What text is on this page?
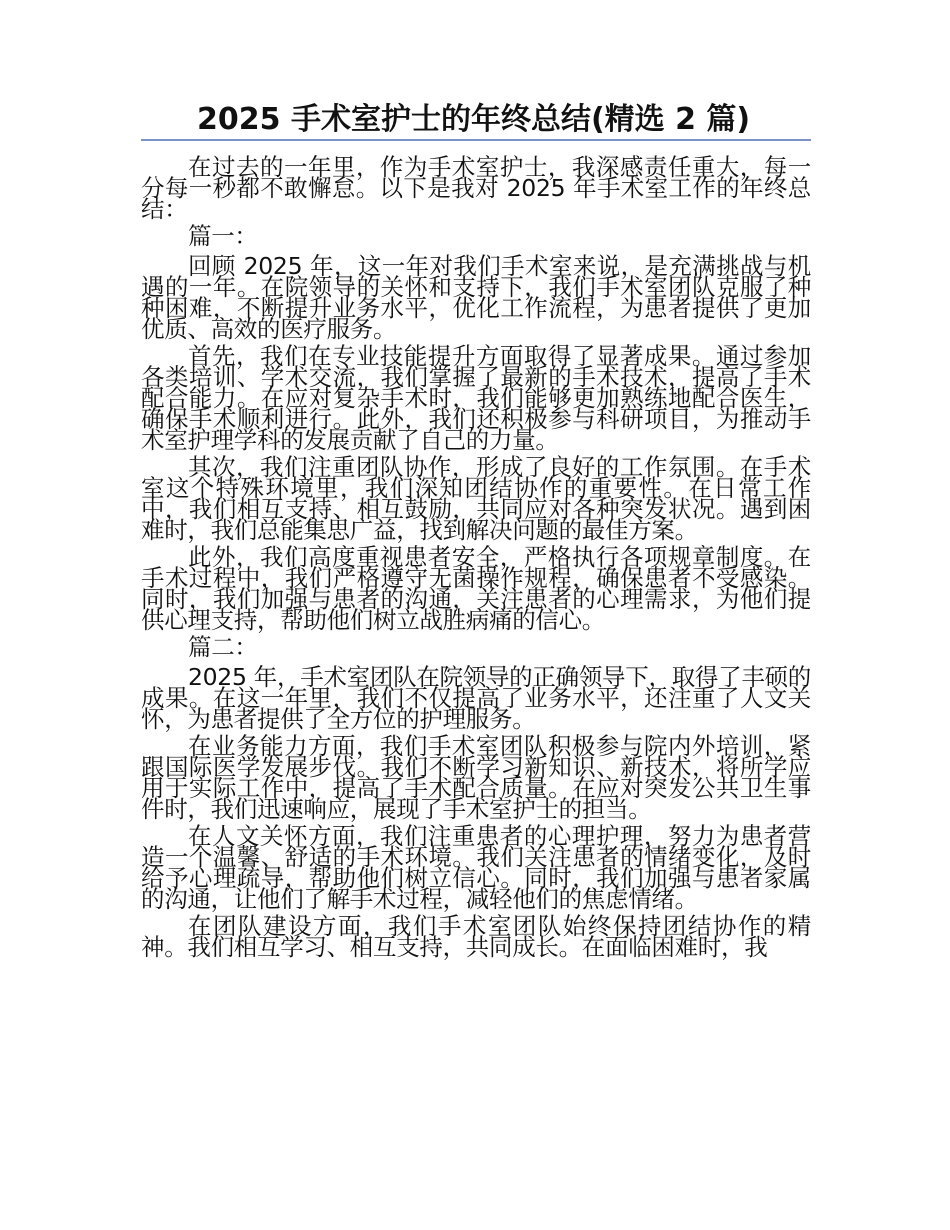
2025 手术室护士的年终总结(精选 2 篇)

在过去的一年里，作为手术室护士，我深感责任重大，每一分每一秒都不敢懈怠。以下是我对 2025 年手术室工作的年终总结：

篇一：

回顾 2025 年，这一年对我们手术室来说，是充满挑战与机遇的一年。在院领导的关怀和支持下，我们手术室团队克服了种种困难，不断提升业务水平，优化工作流程，为患者提供了更加优质、高效的医疗服务。

首先，我们在专业技能提升方面取得了显著成果。通过参加各类培训、学术交流，我们掌握了最新的手术技术，提高了手术配合能力。在应对复杂手术时，我们能够更加熟练地配合医生，确保手术顺利进行。此外，我们还积极参与科研项目，为推动手术室护理学科的发展贡献了自己的力量。

其次，我们注重团队协作，形成了良好的工作氛围。在手术室这个特殊环境里，我们深知团结协作的重要性。在日常工作中，我们相互支持、相互鼓励，共同应对各种突发状况。遇到困难时，我们总能集思广益，找到解决问题的最佳方案。

此外，我们高度重视患者安全，严格执行各项规章制度。在手术过程中，我们严格遵守无菌操作规程，确保患者不受感染。同时，我们加强与患者的沟通，关注患者的心理需求，为他们提供心理支持，帮助他们树立战胜病痛的信心。

篇二：

2025 年，手术室团队在院领导的正确领导下，取得了丰硕的成果。在这一年里，我们不仅提高了业务水平，还注重了人文关怀，为患者提供了全方位的护理服务。

在业务能力方面，我们手术室团队积极参与院内外培训，紧跟国际医学发展步伐。我们不断学习新知识、新技术，将所学应用于实际工作中，提高了手术配合质量。在应对突发公共卫生事件时，我们迅速响应，展现了手术室护士的担当。

在人文关怀方面，我们注重患者的心理护理，努力为患者营造一个温馨、舒适的手术环境。我们关注患者的情绪变化，及时给予心理疏导，帮助他们树立信心。同时，我们加强与患者家属的沟通，让他们了解手术过程，减轻他们的焦虑情绪。

在团队建设方面，我们手术室团队始终保持团结协作的精神。我们相互学习、相互支持，共同成长。在面临困难时，我
